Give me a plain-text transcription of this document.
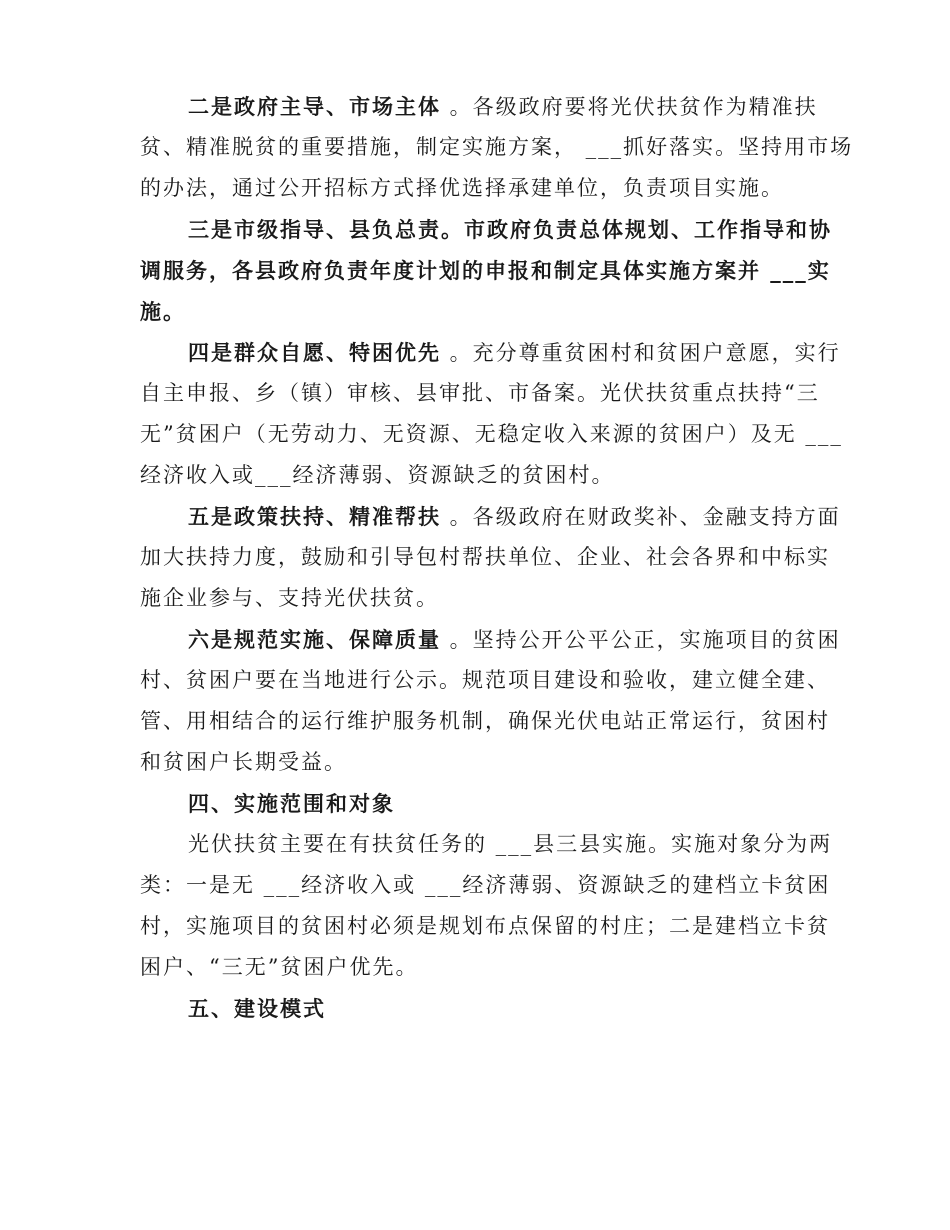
二是政府主导、市场主体 。各级政府要将光伏扶贫作为精准扶
贫、精准脱贫的重要措施，制定实施方案， ___抓好落实。坚持用市场
的办法，通过公开招标方式择优选择承建单位，负责项目实施。
三是市级指导、县负总责。市政府负责总体规划、工作指导和协
调服务，各县政府负责年度计划的申报和制定具体实施方案并 ___实
施。
四是群众自愿、特困优先 。充分尊重贫困村和贫困户意愿，实行
自主申报、乡（镇）审核、县审批、市备案。光伏扶贫重点扶持“三
无”贫困户（无劳动力、无资源、无稳定收入来源的贫困户）及无 ___
经济收入或___经济薄弱、资源缺乏的贫困村。
五是政策扶持、精准帮扶 。各级政府在财政奖补、金融支持方面
加大扶持力度，鼓励和引导包村帮扶单位、企业、社会各界和中标实
施企业参与、支持光伏扶贫。
六是规范实施、保障质量 。坚持公开公平公正，实施项目的贫困
村、贫困户要在当地进行公示。规范项目建设和验收，建立健全建、
管、用相结合的运行维护服务机制，确保光伏电站正常运行，贫困村
和贫困户长期受益。
四、实施范围和对象
光伏扶贫主要在有扶贫任务的 ___县三县实施。实施对象分为两
类：一是无 ___经济收入或 ___经济薄弱、资源缺乏的建档立卡贫困
村，实施项目的贫困村必须是规划布点保留的村庄；二是建档立卡贫
困户、“三无”贫困户优先。
五、建设模式
